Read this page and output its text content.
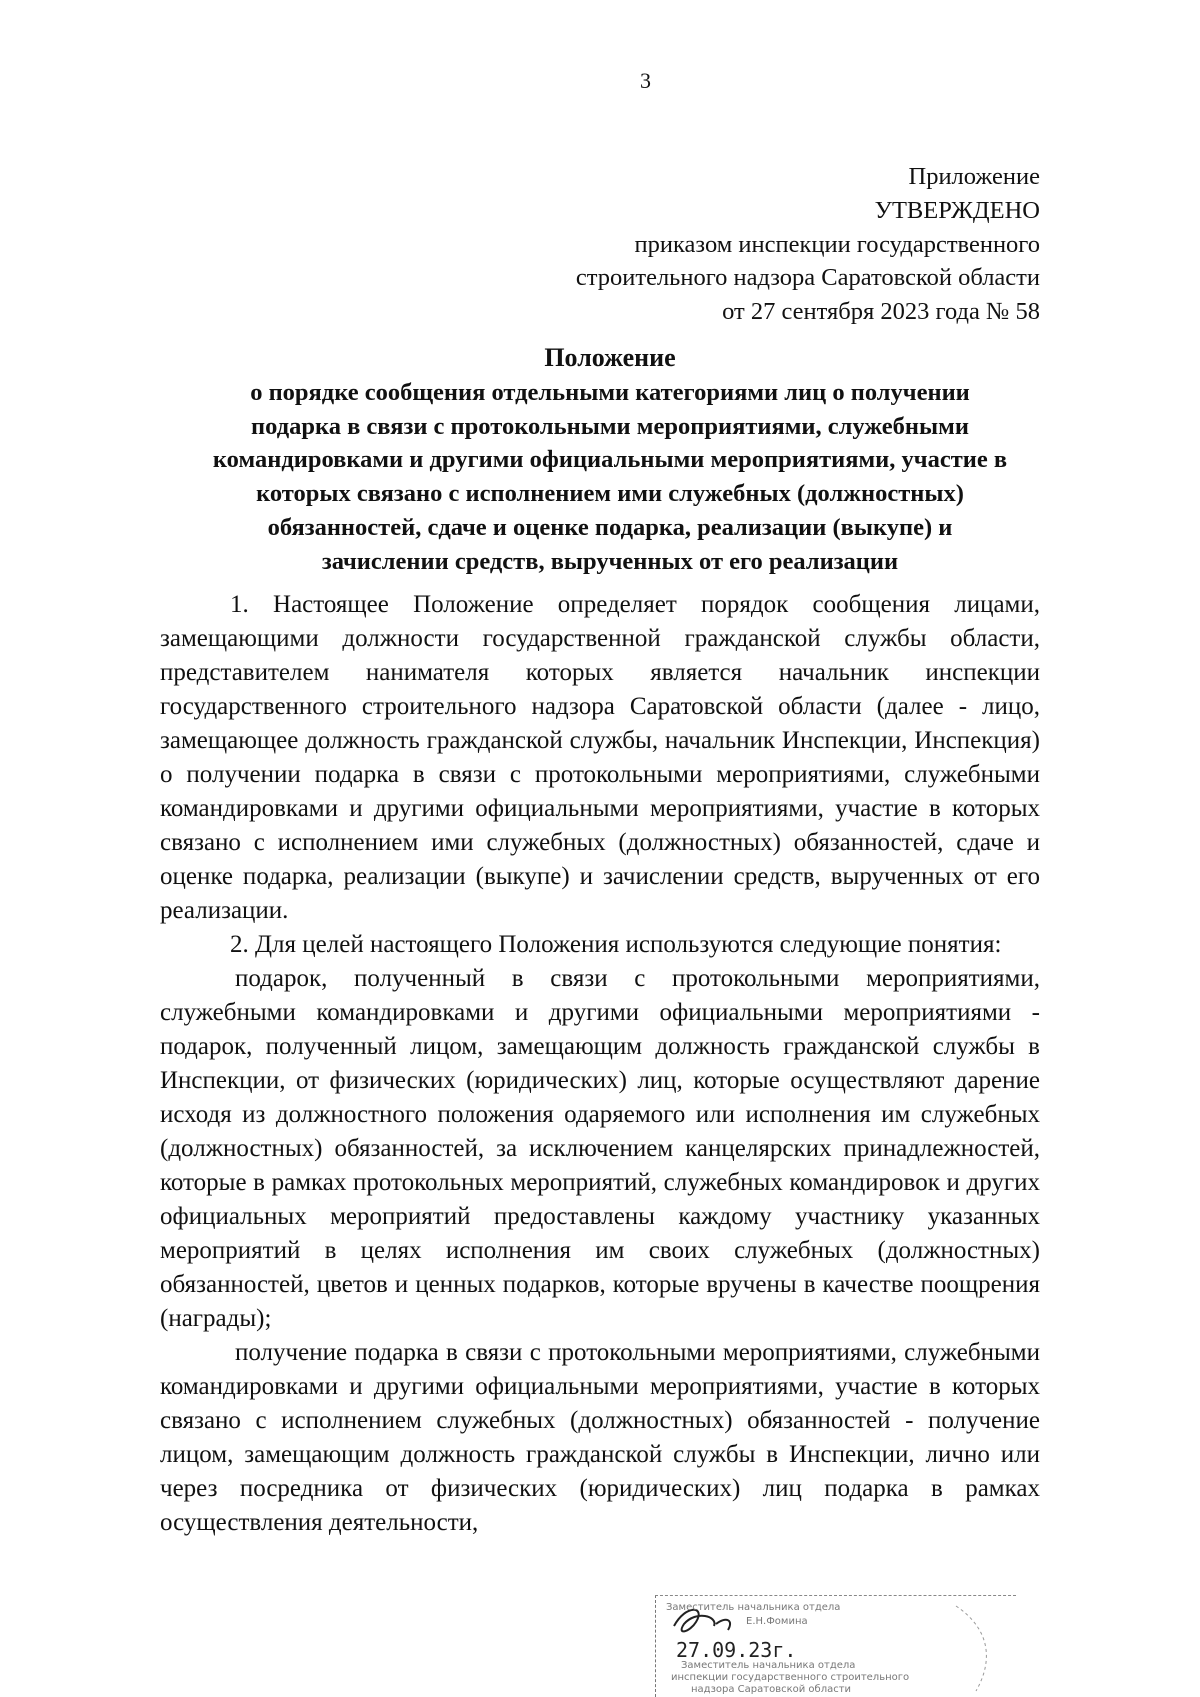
3
Приложение
УТВЕРЖДЕНО
приказом инспекции государственного
строительного надзора Саратовской области
от 27 сентября 2023 года № 58
Положение
о порядке сообщения отдельными категориями лиц о получении
подарка в связи с протокольными мероприятиями, служебными
командировками и другими официальными мероприятиями, участие в
которых связано с исполнением ими служебных (должностных)
обязанностей, сдаче и оценке подарка, реализации (выкупе) и
зачислении средств, вырученных от его реализации

1. Настоящее Положение определяет порядок сообщения лицами, замещающими должности государственной гражданской службы области, представителем нанимателя которых является начальник инспекции государственного строительного надзора Саратовской области (далее - лицо, замещающее должность гражданской службы, начальник Инспекции, Инспекция) о получении подарка в связи с протокольными мероприятиями, служебными командировками и другими официальными мероприятиями, участие в которых связано с исполнением ими служебных (должностных) обязанностей, сдаче и оценке подарка, реализации (выкупе) и зачислении средств, вырученных от его реализации.

2. Для целей настоящего Положения используются следующие понятия:

подарок, полученный в связи с протокольными мероприятиями, служебными командировками и другими официальными мероприятиями - подарок, полученный лицом, замещающим должность гражданской службы в Инспекции, от физических (юридических) лиц, которые осуществляют дарение исходя из должностного положения одаряемого или исполнения им служебных (должностных) обязанностей, за исключением канцелярских принадлежностей, которые в рамках протокольных мероприятий, служебных командировок и других официальных мероприятий предоставлены каждому участнику указанных мероприятий в целях исполнения им своих служебных (должностных) обязанностей, цветов и ценных подарков, которые вручены в качестве поощрения (награды);

получение подарка в связи с протокольными мероприятиями, служебными командировками и другими официальными мероприятиями, участие в которых связано с исполнением служебных (должностных) обязанностей - получение лицом, замещающим должность гражданской службы в Инспекции, лично или через посредника от физических (юридических) лиц подарка в рамках осуществления деятельности,

Заместитель начальника отдела
Е.Н.Фомина
27.09.23г.
Заместитель начальника отдела
инспекции государственного строительного
надзора Саратовской области
